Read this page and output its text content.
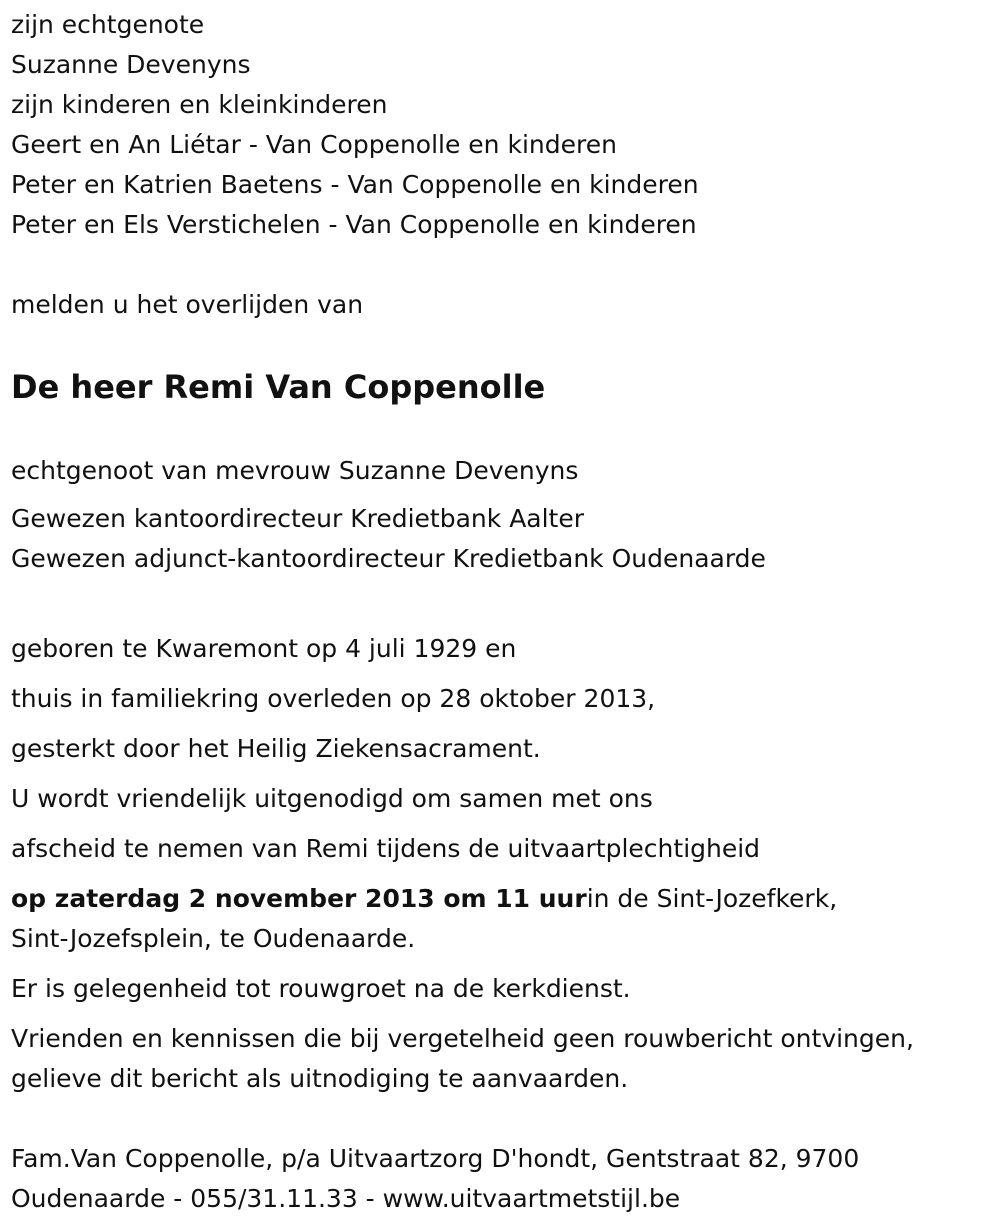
zijn echtgenote
Suzanne Devenyns
zijn kinderen en kleinkinderen
Geert en An Liétar - Van Coppenolle en kinderen
Peter en Katrien Baetens - Van Coppenolle en kinderen
Peter en Els Verstichelen - Van Coppenolle en kinderen
melden u het overlijden van
De heer Remi Van Coppenolle
echtgenoot van mevrouw Suzanne Devenyns
Gewezen kantoordirecteur Kredietbank Aalter
Gewezen adjunct-kantoordirecteur Kredietbank Oudenaarde
geboren te Kwaremont op 4 juli 1929 en
thuis in familiekring overleden op 28 oktober 2013,
gesterkt door het Heilig Ziekensacrament.
U wordt vriendelijk uitgenodigd om samen met ons
afscheid te nemen van Remi tijdens de uitvaartplechtigheid
op zaterdag 2 november 2013 om 11 uurin de Sint-Jozefkerk,
Sint-Jozefsplein, te Oudenaarde.
Er is gelegenheid tot rouwgroet na de kerkdienst.
Vrienden en kennissen die bij vergetelheid geen rouwbericht ontvingen,
gelieve dit bericht als uitnodiging te aanvaarden.
Fam.Van Coppenolle, p/a Uitvaartzorg D'hondt, Gentstraat 82, 9700
Oudenaarde - 055/31.11.33 - www.uitvaartmetstijl.be
